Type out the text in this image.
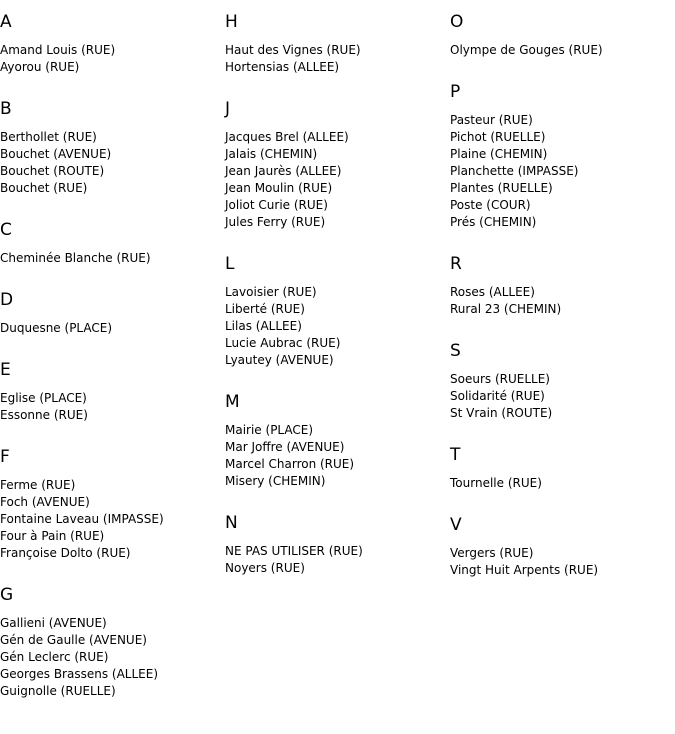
A
Amand Louis (RUE)
Ayorou (RUE)
B
Berthollet (RUE)
Bouchet (AVENUE)
Bouchet (ROUTE)
Bouchet (RUE)
C
Cheminée Blanche (RUE)
D
Duquesne (PLACE)
E
Eglise (PLACE)
Essonne (RUE)
F
Ferme (RUE)
Foch (AVENUE)
Fontaine Laveau (IMPASSE)
Four à Pain (RUE)
Françoise Dolto (RUE)
G
Gallieni (AVENUE)
Gén de Gaulle (AVENUE)
Gén Leclerc (RUE)
Georges Brassens (ALLEE)
Guignolle (RUELLE)
H
Haut des Vignes (RUE)
Hortensias (ALLEE)
J
Jacques Brel (ALLEE)
Jalais (CHEMIN)
Jean Jaurès (ALLEE)
Jean Moulin (RUE)
Joliot Curie (RUE)
Jules Ferry (RUE)
L
Lavoisier (RUE)
Liberté (RUE)
Lilas (ALLEE)
Lucie Aubrac (RUE)
Lyautey (AVENUE)
M
Mairie (PLACE)
Mar Joffre (AVENUE)
Marcel Charron (RUE)
Misery (CHEMIN)
N
NE PAS UTILISER (RUE)
Noyers (RUE)
O
Olympe de Gouges (RUE)
P
Pasteur (RUE)
Pichot (RUELLE)
Plaine (CHEMIN)
Planchette (IMPASSE)
Plantes (RUELLE)
Poste (COUR)
Prés (CHEMIN)
R
Roses (ALLEE)
Rural 23 (CHEMIN)
S
Soeurs (RUELLE)
Solidarité (RUE)
St Vrain (ROUTE)
T
Tournelle (RUE)
V
Vergers (RUE)
Vingt Huit Arpents (RUE)
